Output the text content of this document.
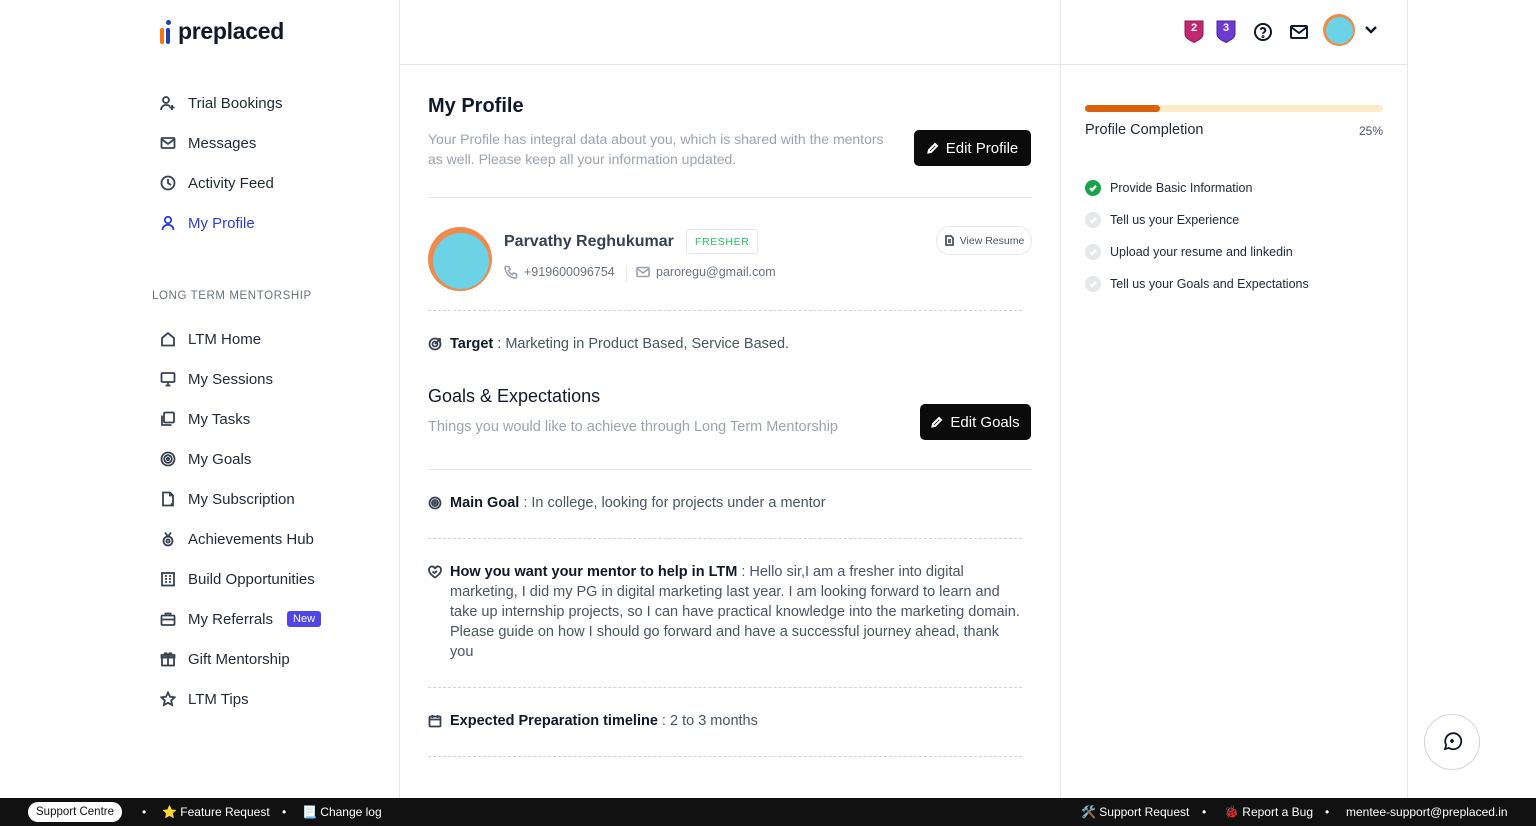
preplaced
Trial Bookings
Messages
Activity Feed
My Profile
LONG TERM MENTORSHIP
LTM Home
My Sessions
My Tasks
My Goals
My Subscription
Achievements Hub
Build Opportunities
My Referrals	New
Gift Mentorship
LTM Tips
2	3
My Profile

Your Profile has integral data about you, which is shared with the mentors as well. Please keep all your information updated.

Edit Profile
Parvathy Reghukumar	FRESHER
+919600096754	paroregu@gmail.com
View Resume
Target : Marketing in Product Based, Service Based.
Goals & Expectations

Things you would like to achieve through Long Term Mentorship	Edit Goals
Main Goal : In college, looking for projects under a mentor
How you want your mentor to help in LTM : Hello sir,I am a fresher into digital marketing, I did my PG in digital marketing last year. I am looking forward to learn and take up internship projects, so I can have practical knowledge into the marketing domain. Please guide on how I should go forward and have a successful journey ahead, thank you
Expected Preparation timeline : 2 to 3 months
Profile Completion	25%
Provide Basic Information
Tell us your Experience
Upload your resume and linkedin
Tell us your Goals and Expectations
Support Centre	• ⭐ Feature Request • 📃 Change log	🛠️ Support Request • 🐞 Report a Bug • mentee-support@preplaced.in
